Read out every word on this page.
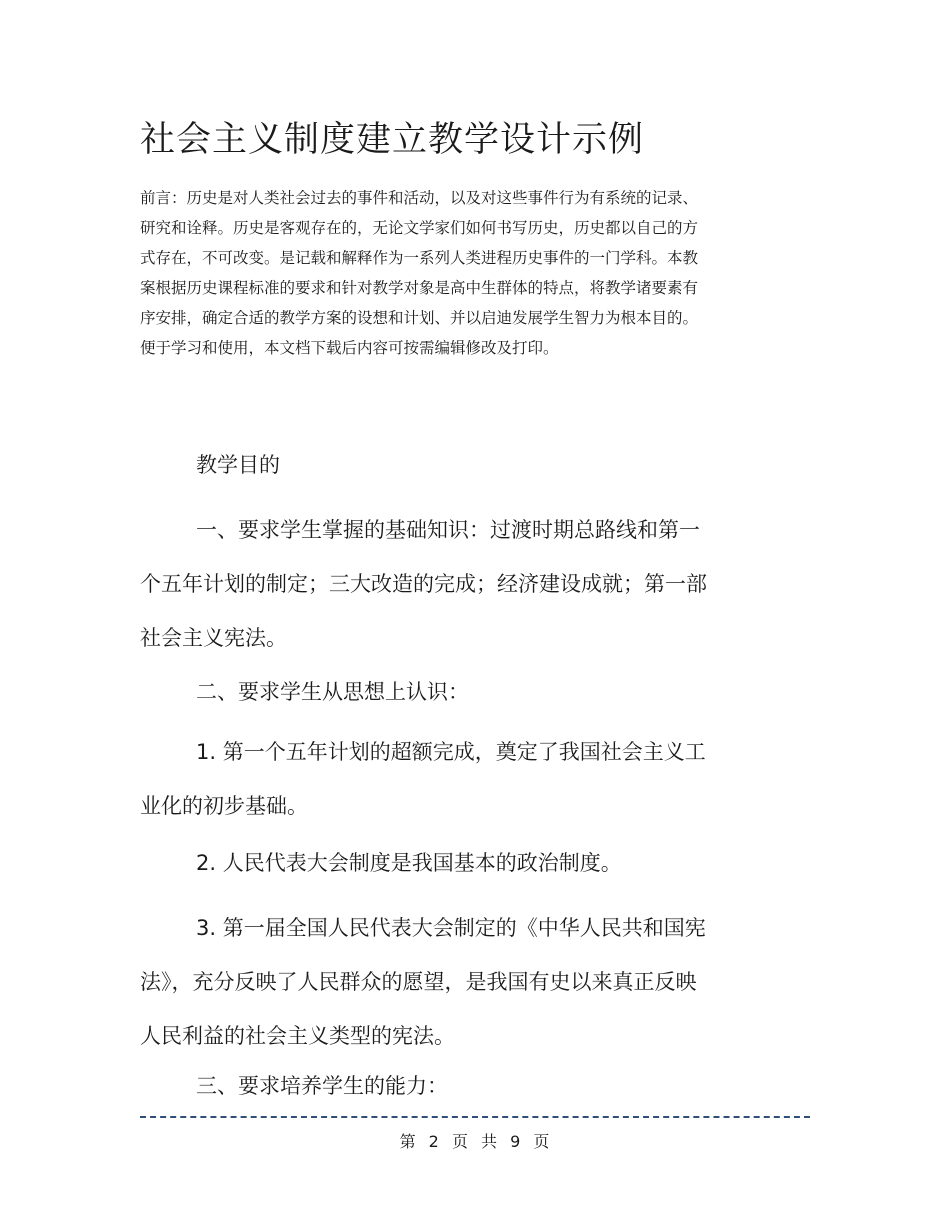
社会主义制度建立教学设计示例
前言：历史是对人类社会过去的事件和活动，以及对这些事件行为有系统的记录、
研究和诠释。历史是客观存在的，无论文学家们如何书写历史，历史都以自己的方
式存在，不可改变。是记载和解释作为一系列人类进程历史事件的一门学科。本教
案根据历史课程标准的要求和针对教学对象是高中生群体的特点，将教学诸要素有
序安排，确定合适的教学方案的设想和计划、并以启迪发展学生智力为根本目的。
便于学习和使用，本文档下载后内容可按需编辑修改及打印。
教学目的
一、要求学生掌握的基础知识：过渡时期总路线和第一
个五年计划的制定；三大改造的完成；经济建设成就；第一部
社会主义宪法。
二、要求学生从思想上认识：
1. 第一个五年计划的超额完成，奠定了我国社会主义工
业化的初步基础。
2. 人民代表大会制度是我国基本的政治制度。
3. 第一届全国人民代表大会制定的《中华人民共和国宪
法》，充分反映了人民群众的愿望，是我国有史以来真正反映
人民利益的社会主义类型的宪法。
三、要求培养学生的能力：
第 2 页 共 9 页
